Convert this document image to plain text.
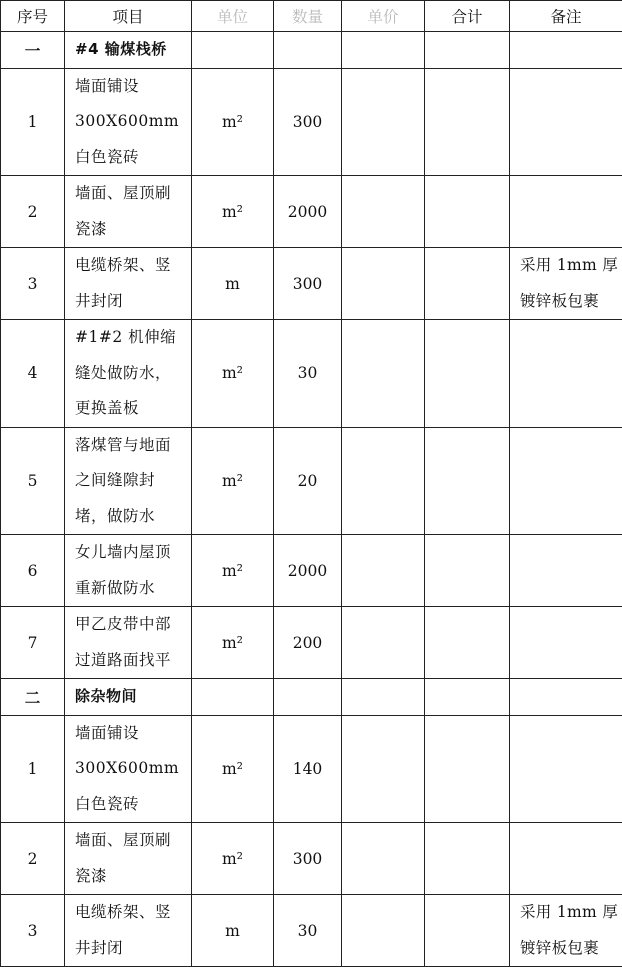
序号	项目	单位	数量	单价	合计	备注
一	#4 输煤栈桥					
1	墙面铺设300X600mm白色瓷砖	m²	300			
2	墙面、屋顶刷瓷漆	m²	2000			
3	电缆桥架、竖井封闭	m	300			采用 1mm 厚镀锌板包裹
4	#1#2 机伸缩缝处做防水，更换盖板	m²	30			
5	落煤管与地面之间缝隙封堵，做防水	m²	20			
6	女儿墙内屋顶重新做防水	m²	2000			
7	甲乙皮带中部过道路面找平	m²	200			
二	除杂物间					
1	墙面铺设300X600mm白色瓷砖	m²	140			
2	墙面、屋顶刷瓷漆	m²	300			
3	电缆桥架、竖井封闭	m	30			采用 1mm 厚镀锌板包裹
